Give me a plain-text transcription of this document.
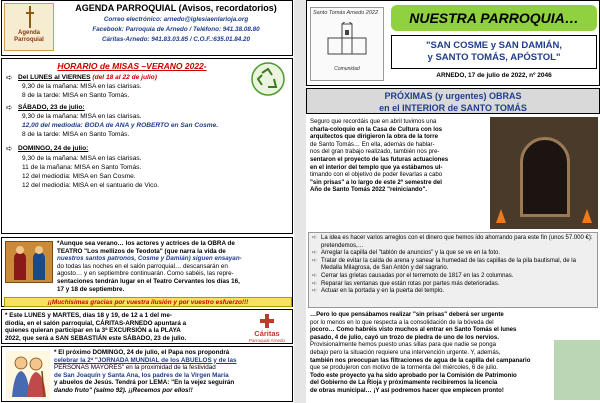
Agenda
Parroquial
AGENDA PARROQUIAL (Avisos, recordatorios)
Correo electrónico: arnedo@iglesiaenlarioja.org
Facebook: Parroquia de Arnedo / Teléfono: 941.38.08.80
Cáritas-Arnedo: 941.83.03.85 / C.O.F.:635.01.84.20
HORARIO de MISAS –VERANO 2022-
➪ Del LUNES al VIERNES (del 18 al 22 de julio)
9,30 de la mañana: MISA en las clarisas.
8 de la tarde: MISA en Santo Tomás.
➪ SÁBADO, 23 de julio:
9,30 de la mañana: MISA en las clarisas.
12,00 del mediodía: BODA de ANA y ROBERTO en San Cosme.
8 de la tarde: MISA en Santo Tomás.
➪ DOMINGO, 24 de julio:
9,30 de la mañana: MISA en las clarisas.
11 de la mañana: MISA en Santo Tomás.
12 del mediodía: MISA en San Cosme.
12 del mediodía: MISA en el santuario de Vico.
*Aunque sea verano… los actores y actrices de la OBRA de
TEATRO "Los mellizos de Teodota" (que narra la vida de
nuestros santos patronos, Cosme y Damián) siguen ensayan-
do todas las noches en el salón parroquial… descansarán en
agosto… y en septiembre continuarán. Como sabéis, las repre-
sentaciones tendrán lugar en el Teatro Cervantes los días 16,
17 y 18 de septiembre.
¡¡Muchísimas gracias por vuestra ilusión y por vuestro esfuerzo!!!
* Este LUNES y MARTES, días 18 y 19, de 12 a 1 del me-
diodía, en el salón parroquial, CÁRITAS-ARNEDO apuntará a
quienes quieran participar en la 3ª EXCURSIÓN a la PLAYA
2022, que será a SAN SEBASTIÁN este SÁBADO, 23 de julio.
Cáritas
Parroquial Arnedo
* El próximo DOMINGO, 24 de julio, el Papa nos propondrá
celebrar la 2ª "JORNADA MUNDIAL de los ABUELOS y de las
PERSONAS MAYORES" en la proximidad de la festividad
de San Joaquín y Santa Ana, los padres de la Virgen María
y abuelos de Jesús. Tendrá por LEMA: "En la vejez seguirán
dando fruto" (salmo 92). ¡¡Recemos por ellos!!
Santo Tomás Arnedo 2022
Comunidad
NUESTRA PARROQUIA…
"SAN COSME y SAN DAMIÁN,
y SANTO TOMÁS, APÓSTOL"
ARNEDO, 17 de julio de 2022, nº 2046
PRÓXIMAS (y urgentes) OBRAS
en el INTERIOR de SANTO TOMÁS
Seguro que recordáis que en abril tuvimos una
charla-coloquio en la Casa de Cultura con los
arquitectos que dirigieron la obra de la torre
de Santo Tomás… En ella, además de hablar-
nos del gran trabajo realizado, también nos pre-
sentaron el proyecto de las futuras actuaciones
en el interior del templo que ya estábamos ul-
timando con el objetivo de poder llevarlas a cabo
"sin prisas" a lo largo de este 2º semestre del
Año de Santo Tomás 2022 "reiniciando".
➪ La idea es hacer varios arreglos con el dinero que hemos ido ahorrando para este fin (unos 57.000 €): pretendemos,…
➪ Arreglar la capilla del "tablón de anuncios" y la que se ve en la foto.
➪ Tratar de evitar la caída de arena y sanear la humedad de las capillas de la pila bautismal, de la Medalla Milagrosa, de San Antón y del sagrario.
➪ Cerrar las grietas causadas por el terremoto de 1817 en las 2 columnas.
➪ Reparar las ventanas que están rotas por partes más deterioradas.
➪ Actuar en la portada y en la puerta del templo.
…Pero lo que pensábamos realizar "sin prisas" deberá ser urgente
por lo menos en lo que respecta a la consolidación de la bóveda del
jocoro… Como habréis visto muchos al entrar en Santo Tomás el lunes
pasado, 4 de julio, cayó un trozo de piedra de uno de los nervios.
Provisionalmente hemos puesto unas sillas para que nadie se ponga
debajo pero la situación requiere una intervención urgente. Y, además,
también nos preocupan las filtraciones de agua de la capilla del campanario
que se produjeron con motivo de la tormenta del miércoles, 6 de julio.
Todo este proyecto ya ha sido aprobado por la Comisión de Patrimonio
del Gobierno de La Rioja y próximamente recibiremos la licencia
de obras municipal… ¡Y así podremos hacer que empiecen pronto!
